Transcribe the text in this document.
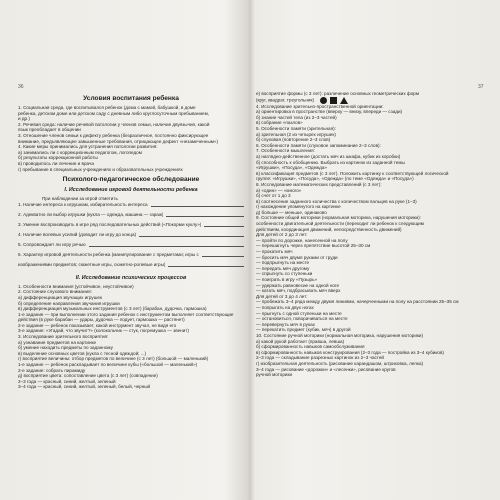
36	37
Условия воспитания ребенка
1. Социальная среда, где воспитывался ребенок (дома с мамой, бабушкой, в доме
ребенка, детском доме или детском саду с дневным либо круглосуточным пребыванием,
и др.)
2. Речевая среда: наличие речевой патологии у членов семьи, наличие двуязычия, какой
язык преобладает в общении
3. Отношение членов семьи к дефекту ребенка (безразличное, постоянно фиксирующее
внимание, предъявляющее завышенные требования, отрицающее дефект «незамеченным»)
4. Какие меры принимались для устранения патологии развития:
а) занимались ли с коррекционным педагогом, логопедом
б) результаты коррекционной работы
в) проводилось ли лечение и врача
г) пребывание в специальных учреждениях и образовательных учреждениях
Психолого-педагогическое обследование
I. Исследование игровой деятельности ребенка
При наблюдении за игрой отметить
1. Наличие интереса к игрушкам, избирательность интереса
2. Адекватно ли выбор игрушки (кукла — одежда, машина — гараж)
3. Умение воспроизводить в игре ряд последовательных действий («Покорми куклу»)
4. Наличие волевых усилий (доводит ли игру до конца)
5. Сопровождает ли игру речью
6. Характер игровой деятельности ребенка (манипулирование с предметами; игры с
изображениями предметов; сюжетные игры, сюжетно-ролевые игры)
II. Исследование психических процессов
1. Особенности внимания (устойчивое, неустойчивое)
2. Состояние слухового внимания:
а) дифференциация звучащих игрушек
б) определение направления звучания игрушки
в) дифференциация музыкальных инструментов (с 3 лет) (барабан, дудочка, гармошка)
1-е задание — при выполнении этого задания ребенок с инструментом выполняет соответствующие
действия (в руке барабан — удары, дудочка — подует, гармошка — растянет)
2-е задание — ребенок показывает, какой инструмент звучал, не видя его
3-е задание: «Угадай, что звучит?» (колокольчик — стук, погремушка — звенит)
3. Исследование зрительного восприятия:
а) узнавание предметов на картинке
б) умение находить предметы по заданному
в) выделение основных цветов (кукла с тесной одеждой; ...)
г) восприятие величины: отбор предметов по величине (с 3 лет) (большой — маленький)
1-е задание — ребенок раскладывает по величине кубы («большой — маленький»)
2-е задание: собрать пирамиду
д) восприятие цвета: сопоставление цвета (с 3 лет) (совпадение)
2–3 года — красный, синий, желтый, зеленый
3–4 года — красный, синий, желтый, зеленый, белый, черный
е) восприятие формы (с 3 лет): различение основных геометрических форм
(круг, квадрат, треугольник)
4. Исследование зрительно-пространственной ориентации:
а) ориентировка в пространстве (вверху — внизу, впереди — сзади)
б) знание частей тела (из 2–3 частей)
в) собрание «пазлов»
5. Особенности памяти (зрительная):
а) зрительная (2 из четырех игрушек)
б) слуховая (повторение 2–3 слов)
6. Особенности памяти (слуховое запоминание 2–3 слов):
7. Особенности мышления:
а) наглядно-действенное (достать мяч из шкафа, кубик из коробки)
б) способность к обобщению. Выбрать из картинок из заданной темы
«Игрушки», «Посуда», «Одежда»
в) классификация предметов (с 3 лет). Положить картинку к соответствующей логической
группе: «Игрушки», «Посуда», «Одежда» (по теме «Одежда» и «Посуда»)
8. Исследование математических представлений (с 3 лет):
а) «один» — «много»
б) счет от 1 до 3
в) соотнесение заданного количества с количеством пальцев на руке (1–3)
г) нахождение упомянутого на картинке
д) больше — меньше, одинаково
9. Состояние общей моторики (нормальная моторика, нарушения моторики):
особенности двигательной деятельности (переходит ли ребенок к следующим
действиям, координация движений, непосредственность движений)
Для детей от 2 до 3 лет:
— пройти по дорожке, нанесенной на полу
— перешагнуть через препятствие высотой 25–30 см
— прокатить мяч
— бросить мяч двумя руками от груди
— подпрыгнуть на месте
— передать мяч другому
— спрыгнуть со ступеньки
— поиграть в игру «Пузырь»
— удержать равновесие на одной ноге
— катать мяч, подбрасывать мяч вверх
Для детей от 3 до 4 лет:
— пробежать 3–4 ряда между двумя линиями, начерченными на полу на расстоянии 25–35 см
— попрыгать на двух ногах
— прыгнуть с одной ступеньки на месте
— остановиться, поворачиваться на месте
— перевернуть мяч в руках
— перекатить предмет (кубик, мяч) в другой
10. Состояние ручной моторики (нормальная моторика, нарушения моторики)
а) какой рукой работает (правша, левша)
б) сформированность навыков самообслуживания
в) сформированность навыков конструирования (2–3 года — постройка из 3–4 кубиков)
2–3 года — складывание разрезных картинок из 2–3 частей
г) изобразительная деятельность (рисование карандашом, штриховка, лепка)
3–4 года — рисование «дорожки» и «лесенки», рисование кругов
ручной моторики
